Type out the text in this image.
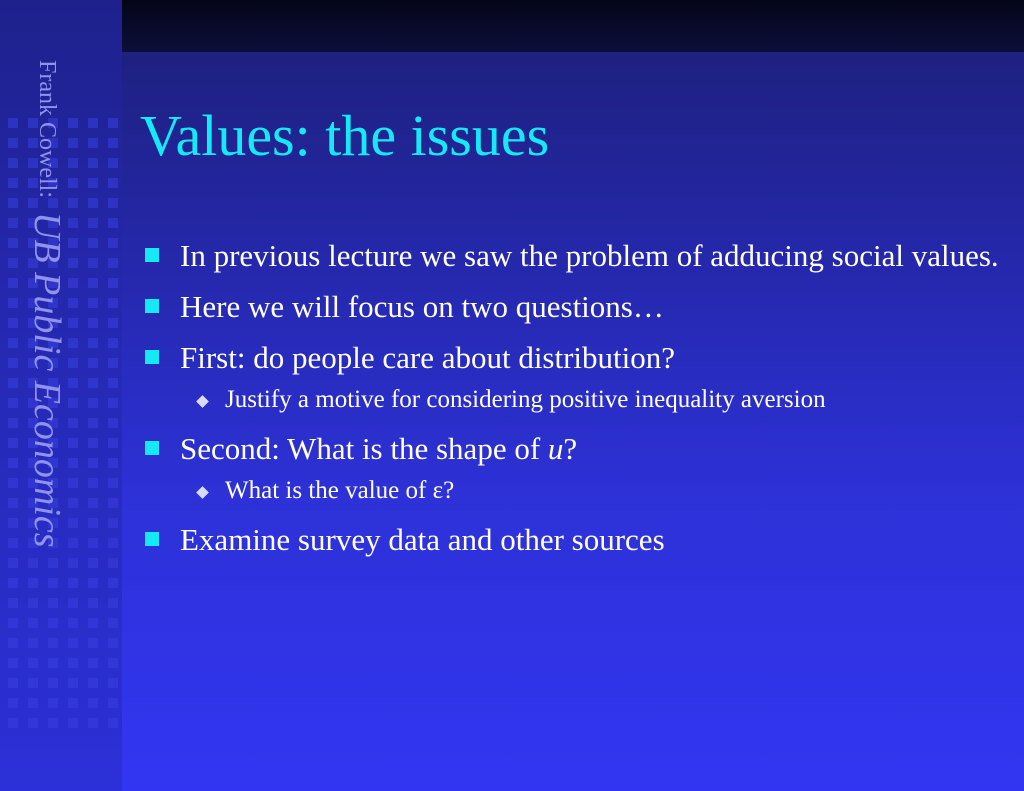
Frank Cowell: UB Public Economics
Values: the issues
In previous lecture we saw the problem of adducing social values.
Here we will focus on two questions…
First: do people care about distribution?
Justify a motive for considering positive inequality aversion
Second: What is the shape of u?
What is the value of ε?
Examine survey data and other sources
